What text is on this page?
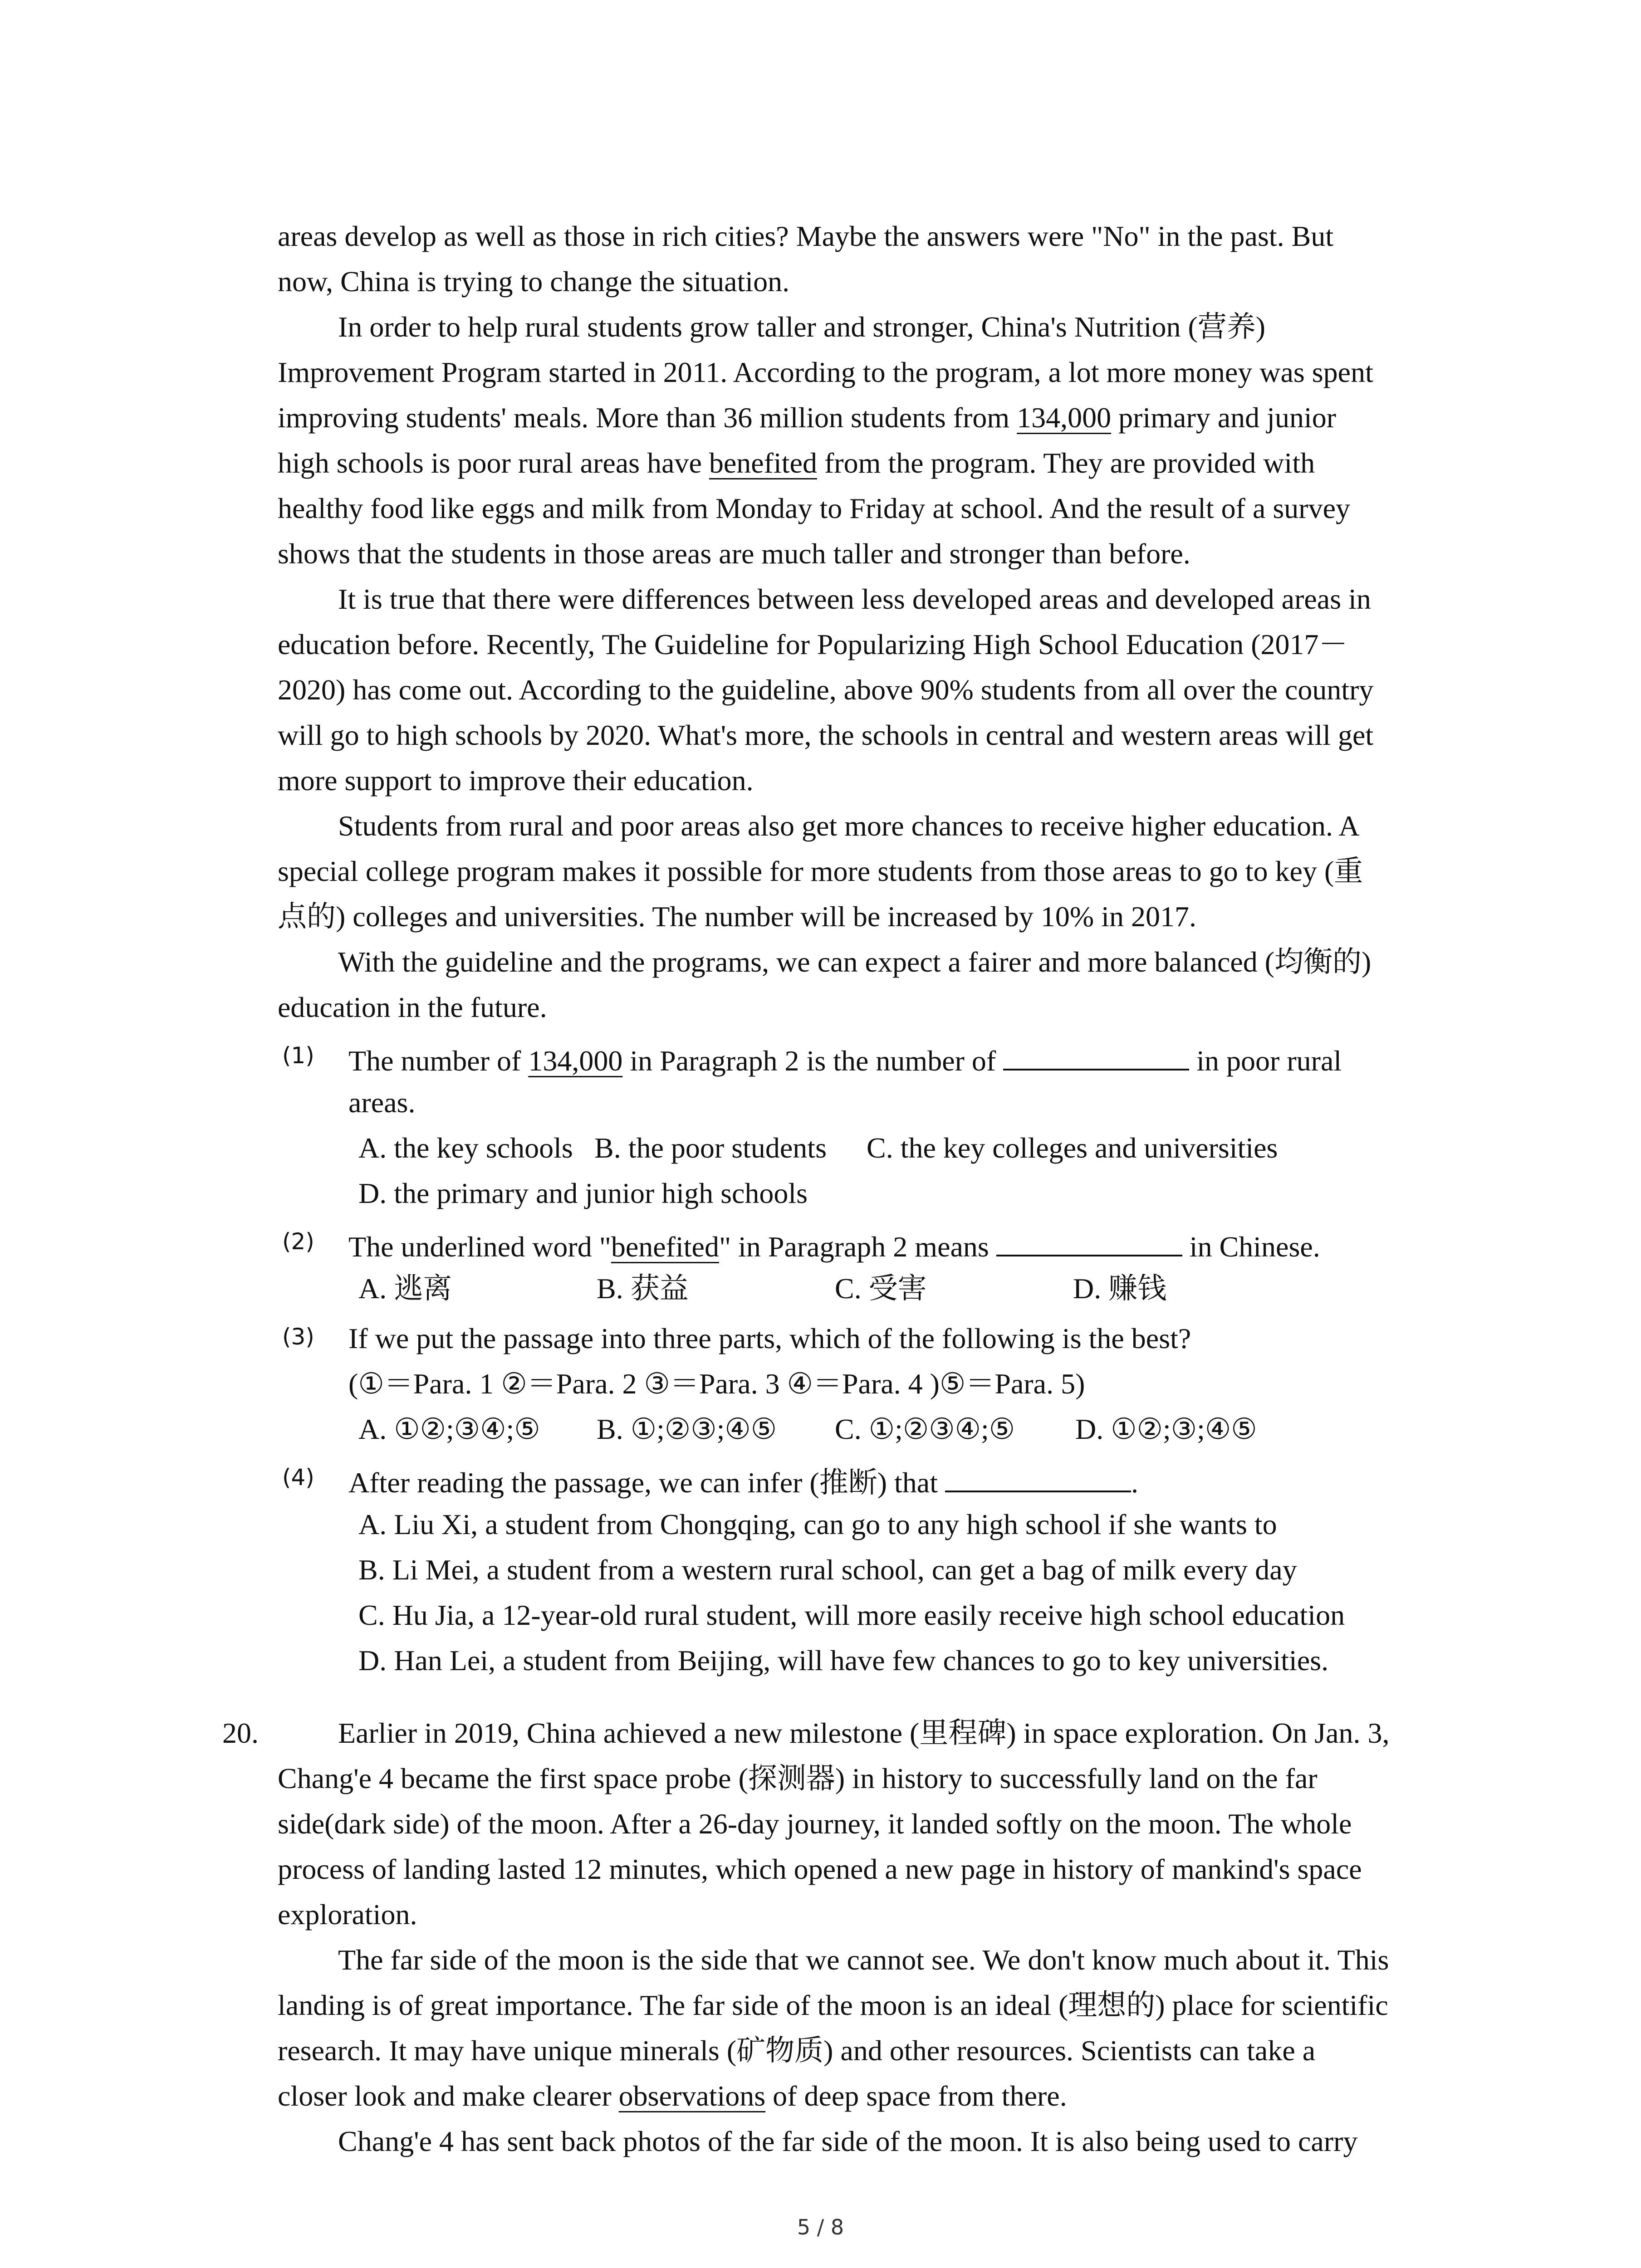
areas develop as well as those in rich cities? Maybe the answers were "No" in the past. But
now, China is trying to change the situation.
In order to help rural students grow taller and stronger, China's Nutrition (营养)
Improvement Program started in 2011. According to the program, a lot more money was spent
improving students' meals. More than 36 million students from 134,000 primary and junior
high schools is poor rural areas have benefited from the program. They are provided with
healthy food like eggs and milk from Monday to Friday at school. And the result of a survey
shows that the students in those areas are much taller and stronger than before.
It is true that there were differences between less developed areas and developed areas in
education before. Recently, The Guideline for Popularizing High School Education (2017－
2020) has come out. According to the guideline, above 90% students from all over the country
will go to high schools by 2020. What's more, the schools in central and western areas will get
more support to improve their education.
Students from rural and poor areas also get more chances to receive higher education. A
special college program makes it possible for more students from those areas to go to key (重
点的) colleges and universities. The number will be increased by 10% in 2017.
With the guideline and the programs, we can expect a fairer and more balanced (均衡的)
education in the future.
(1) The number of 134,000 in Paragraph 2 is the number of	in poor rural
areas.
A. the key schools B. the poor students C. the key colleges and universities
D. the primary and junior high schools
(2) The underlined word "benefited" in Paragraph 2 means	in Chinese.
A. 逃离	B. 获益	C. 受害	D. 赚钱
(3) If we put the passage into three parts, which of the following is the best?
(①＝Para. 1 ②＝Para. 2 ③＝Para. 3 ④＝Para. 4 )⑤＝Para. 5)
A. ①②;③④;⑤ B. ①;②③;④⑤ C. ①;②③④;⑤ D. ①②;③;④⑤
(4) After reading the passage, we can infer (推断) that	.
A. Liu Xi, a student from Chongqing, can go to any high school if she wants to
B. Li Mei, a student from a western rural school, can get a bag of milk every day
C. Hu Jia, a 12-year-old rural student, will more easily receive high school education
D. Han Lei, a student from Beijing, will have few chances to go to key universities.
20.	Earlier in 2019, China achieved a new milestone (里程碑) in space exploration. On Jan. 3,
Chang'e 4 became the first space probe (探测器) in history to successfully land on the far
side(dark side) of the moon. After a 26-day journey, it landed softly on the moon. The whole
process of landing lasted 12 minutes, which opened a new page in history of mankind's space
exploration.
The far side of the moon is the side that we cannot see. We don't know much about it. This
landing is of great importance. The far side of the moon is an ideal (理想的) place for scientific
research. It may have unique minerals (矿物质) and other resources. Scientists can take a
closer look and make clearer observations of deep space from there.
Chang'e 4 has sent back photos of the far side of the moon. It is also being used to carry
5 / 8
